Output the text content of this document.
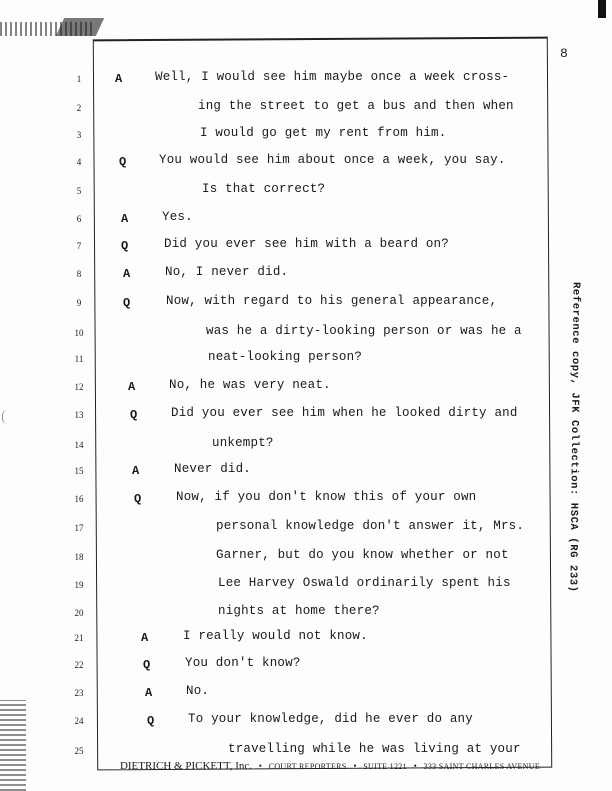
8
1	A	Well, I would see him maybe once a week cross-
2	ing the street to get a bus and then when
3	I would go get my rent from him.
4	Q	You would see him about once a week, you say.
5	Is that correct?
6	A	Yes.
7	Q	Did you ever see him with a beard on?
8	A	No, I never did.
9	Q	Now, with regard to his general appearance,
10	was he a dirty-looking person or was he a
11	neat-looking person?
12	A	No, he was very neat.
13	Q	Did you ever see him when he looked dirty and
14	unkempt?
15	A	Never did.
16	Q	Now, if you don't know this of your own
17	personal knowledge don't answer it, Mrs.
18	Garner, but do you know whether or not
19	Lee Harvey Oswald ordinarily spent his
20	nights at home there?
21	A	I really would not know.
22	Q	You don't know?
23	A	No.
24	Q	To your knowledge, did he ever do any
25	travelling while he was living at your
Reference copy, JFK Collection: HSCA (RG 233)
DIETRICH & PICKETT, Inc. • COURT REPORTERS • SUITE 1221 • 333 SAINT CHARLES AVENUE
